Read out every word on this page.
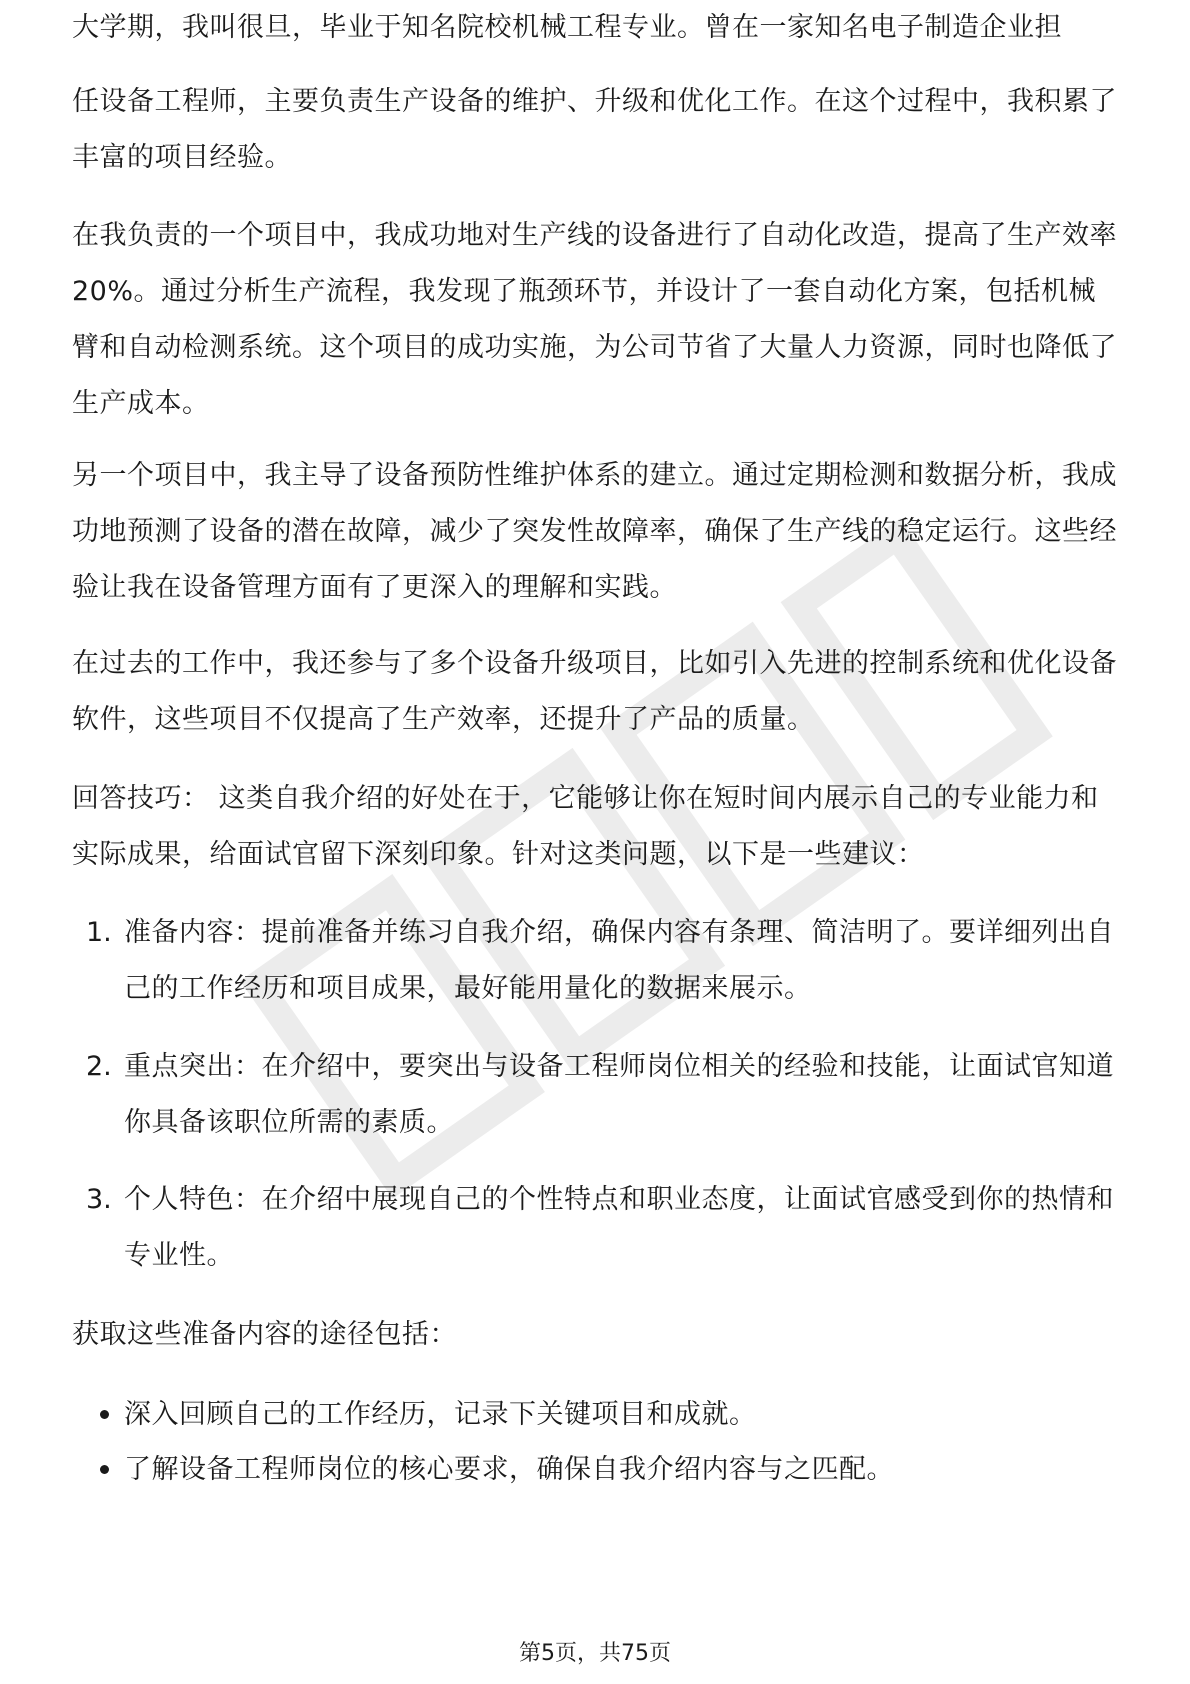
大学期，我叫很旦，毕业于知名院校机械工程专业。曾在一家知名电子制造企业担

任设备工程师，主要负责生产设备的维护、升级和优化工作。在这个过程中，我积累了丰富的项目经验。

在我负责的一个项目中，我成功地对生产线的设备进行了自动化改造，提高了生产效率20%。通过分析生产流程，我发现了瓶颈环节，并设计了一套自动化方案，包括机械臂和自动检测系统。这个项目的成功实施，为公司节省了大量人力资源，同时也降低了生产成本。

另一个项目中，我主导了设备预防性维护体系的建立。通过定期检测和数据分析，我成功地预测了设备的潜在故障，减少了突发性故障率，确保了生产线的稳定运行。这些经验让我在设备管理方面有了更深入的理解和实践。

在过去的工作中，我还参与了多个设备升级项目，比如引入先进的控制系统和优化设备软件，这些项目不仅提高了生产效率，还提升了产品的质量。

回答技巧： 这类自我介绍的好处在于，它能够让你在短时间内展示自己的专业能力和实际成果，给面试官留下深刻印象。针对这类问题，以下是一些建议：

1. 准备内容：提前准备并练习自我介绍，确保内容有条理、简洁明了。要详细列出自己的工作经历和项目成果，最好能用量化的数据来展示。
2. 重点突出：在介绍中，要突出与设备工程师岗位相关的经验和技能，让面试官知道你具备该职位所需的素质。
3. 个人特色：在介绍中展现自己的个性特点和职业态度，让面试官感受到你的热情和专业性。

获取这些准备内容的途径包括：

深入回顾自己的工作经历，记录下关键项目和成就。
了解设备工程师岗位的核心要求，确保自我介绍内容与之匹配。
第5页，共75页
